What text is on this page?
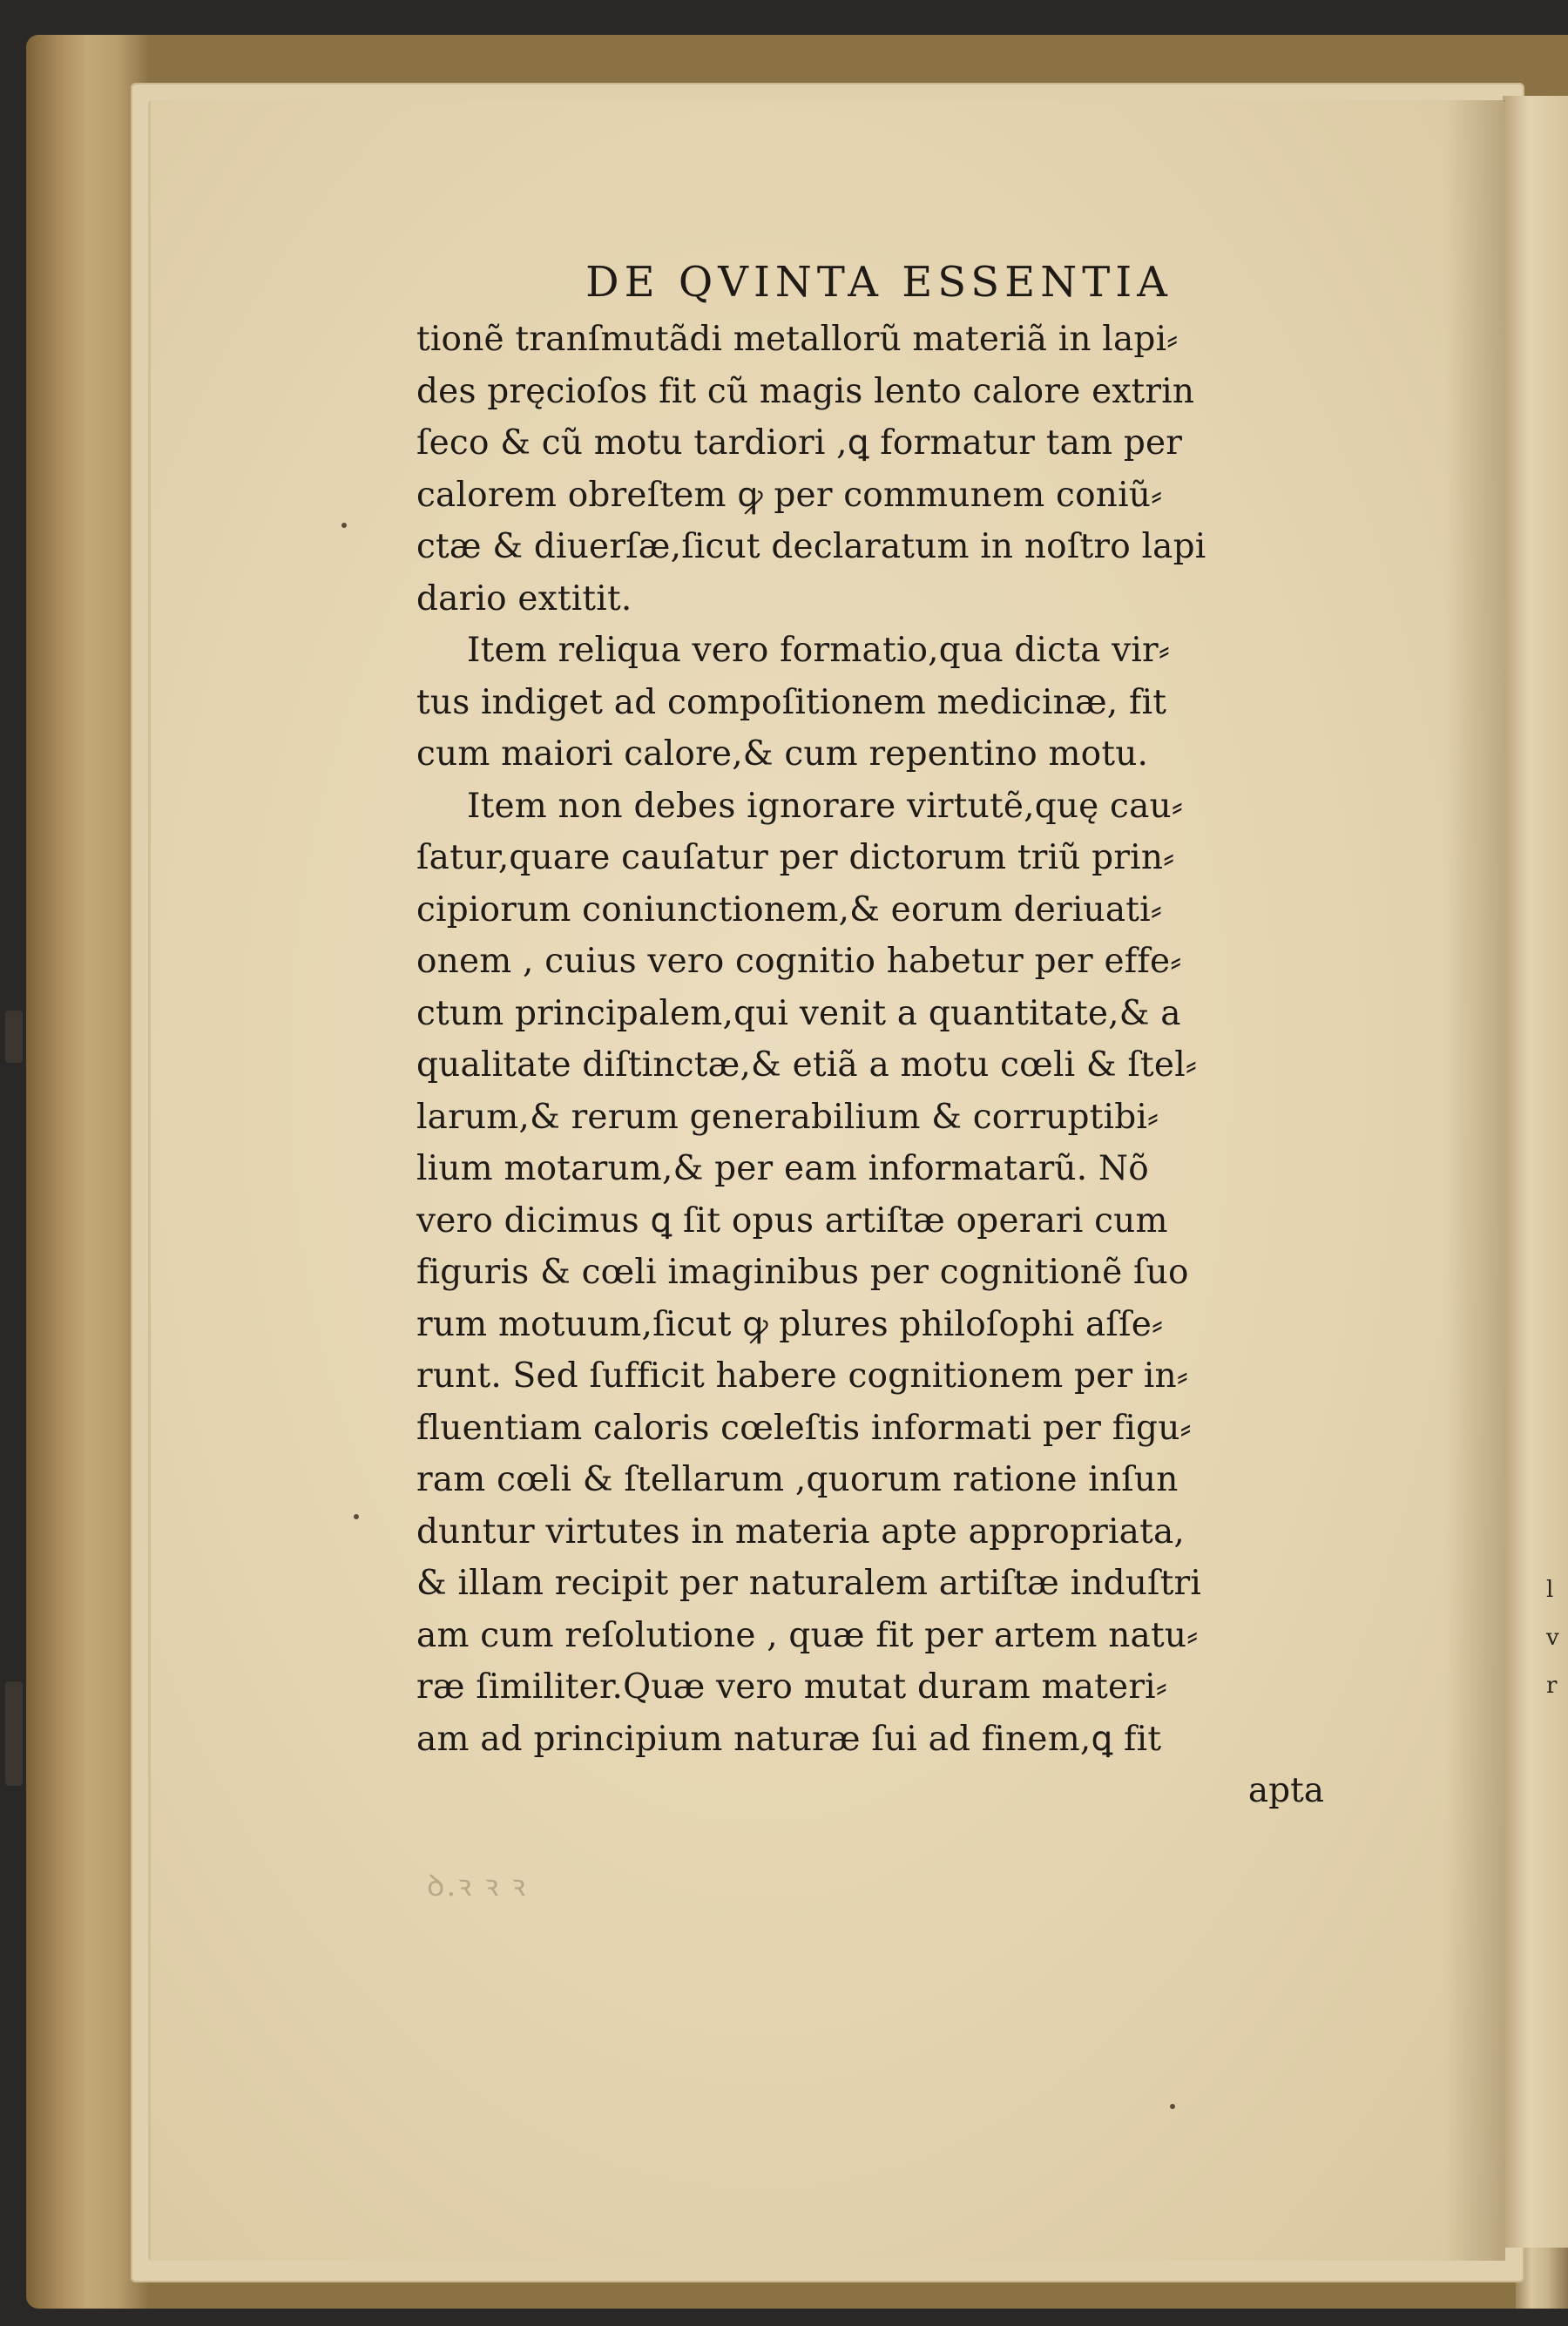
l
v
r
DE QVINTA ESSENTIA
tionẽ tranſmutãdi metallorũ materiã in lapi⸗
des pręcioſos fit cũ magis lento calore extrin
ſeco & cũ motu tardiori ,ꝗ formatur tam per
calorem obreſtem ꝙ per communem coniũ⸗
ctæ & diuerſæ,ſicut declaratum in noſtro lapi
dario extitit.
Item reliqua vero formatio,qua dicta vir⸗
tus indiget ad compoſitionem medicinæ, fit
cum maiori calore,& cum repentino motu.
Item non debes ignorare virtutẽ,quę cau⸗
ſatur,quare cauſatur per dictorum triũ prin⸗
cipiorum coniunctionem,& eorum deriuati⸗
onem , cuius vero cognitio habetur per effe⸗
ctum principalem,qui venit a quantitate,& a
qualitate diſtinctæ,& etiã a motu cœli & ſtel⸗
larum,& rerum generabilium & corruptibi⸗
lium motarum,& per eam informatarũ. Nõ
vero dicimus ꝗ ſit opus artiſtæ operari cum
figuris & cœli imaginibus per cognitionẽ ſuo
rum motuum,ſicut ꝙ plures philoſophi aſſe⸗
runt. Sed ſufficit habere cognitionem per in⸗
fluentiam caloris cœleſtis informati per figu⸗
ram cœli & ſtellarum ,quorum ratione inſun
duntur virtutes in materia apte appropriata,
& illam recipit per naturalem artiſtæ induſtri
am cum reſolutione , quæ fit per artem natu⸗
ræ ſimiliter.Quæ vero mutat duram materi⸗
am ad principium naturæ ſui ad finem,ꝗ fit
apta
ꝺ.ꝛ ꝛ ꝛ
